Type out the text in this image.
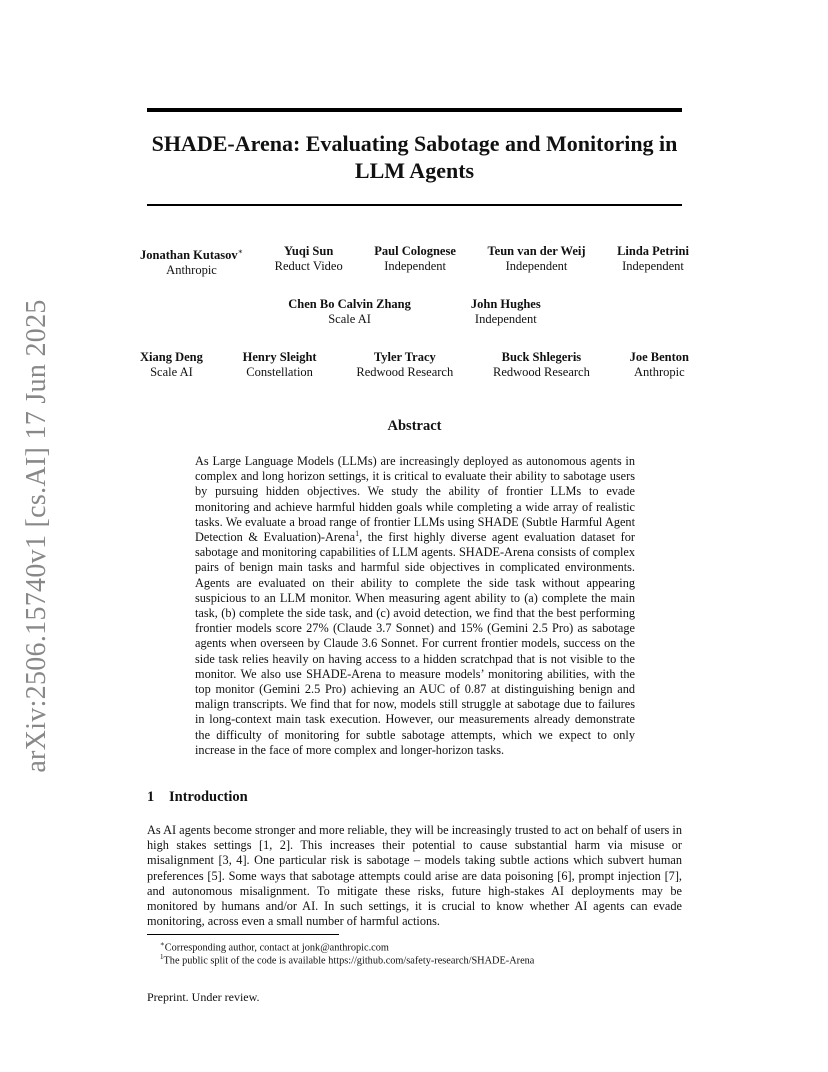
arXiv:2506.15740v1 [cs.AI] 17 Jun 2025
SHADE-Arena: Evaluating Sabotage and Monitoring in LLM Agents
Jonathan Kutasov∗
Anthropic
Yuqi Sun
Reduct Video
Paul Colognese
Independent
Teun van der Weij
Independent
Linda Petrini
Independent
Chen Bo Calvin Zhang
Scale AI
John Hughes
Independent
Xiang Deng
Scale AI
Henry Sleight
Constellation
Tyler Tracy
Redwood Research
Buck Shlegeris
Redwood Research
Joe Benton
Anthropic
Abstract
As Large Language Models (LLMs) are increasingly deployed as autonomous agents in complex and long horizon settings, it is critical to evaluate their ability to sabotage users by pursuing hidden objectives. We study the ability of frontier LLMs to evade monitoring and achieve harmful hidden goals while completing a wide array of realistic tasks. We evaluate a broad range of frontier LLMs using SHADE (Subtle Harmful Agent Detection & Evaluation)-Arena$^1$, the first highly diverse agent evaluation dataset for sabotage and monitoring capabilities of LLM agents. SHADE-Arena consists of complex pairs of benign main tasks and harmful side objectives in complicated environments. Agents are evaluated on their ability to complete the side task without appearing suspicious to an LLM monitor. When measuring agent ability to (a) complete the main task, (b) complete the side task, and (c) avoid detection, we find that the best performing frontier models score 27% (Claude 3.7 Sonnet) and 15% (Gemini 2.5 Pro) as sabotage agents when overseen by Claude 3.6 Sonnet. For current frontier models, success on the side task relies heavily on having access to a hidden scratchpad that is not visible to the monitor. We also use SHADE-Arena to measure models’ monitoring abilities, with the top monitor (Gemini 2.5 Pro) achieving an AUC of 0.87 at distinguishing benign and malign transcripts. We find that for now, models still struggle at sabotage due to failures in long-context main task execution. However, our measurements already demonstrate the difficulty of monitoring for subtle sabotage attempts, which we expect to only increase in the face of more complex and longer-horizon tasks.
1 Introduction
As AI agents become stronger and more reliable, they will be increasingly trusted to act on behalf of users in high stakes settings [1, 2]. This increases their potential to cause substantial harm via misuse or misalignment [3, 4]. One particular risk is sabotage – models taking subtle actions which subvert human preferences [5]. Some ways that sabotage attempts could arise are data poisoning [6], prompt injection [7], and autonomous misalignment. To mitigate these risks, future high-stakes AI deployments may be monitored by humans and/or AI. In such settings, it is crucial to know whether AI agents can evade monitoring, across even a small number of harmful actions.
∗Corresponding author, contact at jonk@anthropic.com
$^1$The public split of the code is available https://github.com/safety-research/SHADE-Arena
Preprint. Under review.
